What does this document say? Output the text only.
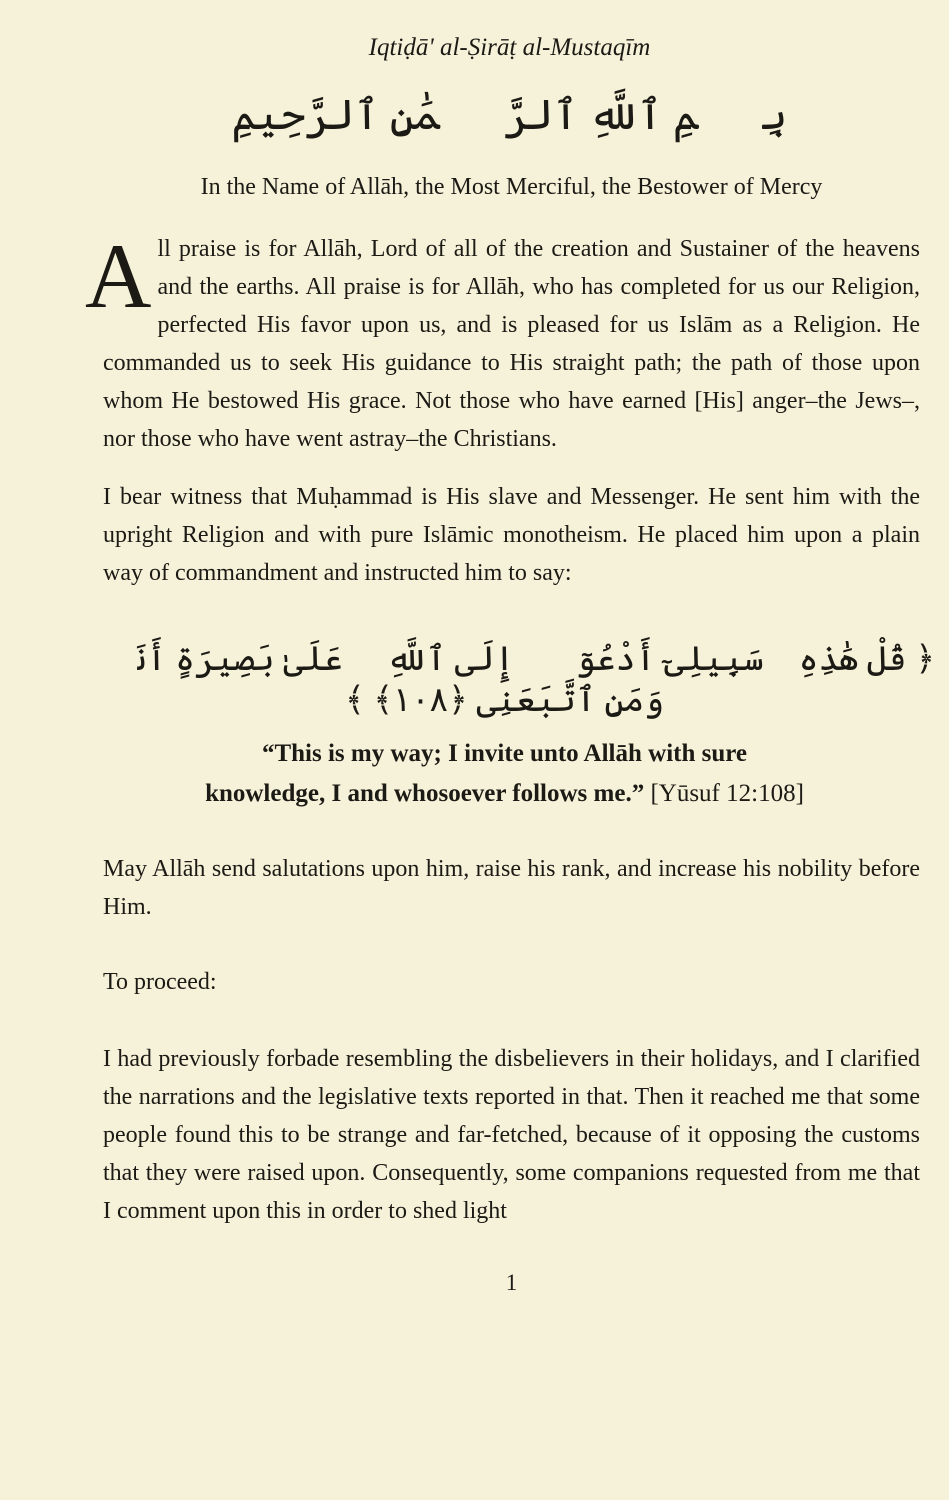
Iqtiḍā' al-Ṣirāṭ al-Mustaqīm
بِسۡمِ ٱللَّهِ ٱلرَّحۡمَٰنِ ٱلرَّحِيمِ
In the Name of Allāh, the Most Merciful, the Bestower of Mercy

All praise is for Allāh, Lord of all of the creation and Sustainer of the heavens and the earths. All praise is for Allāh, who has completed for us our Religion, perfected His favor upon us, and is pleased for us Islām as a Religion. He commanded us to seek His guidance to His straight path; the path of those upon whom He bestowed His grace. Not those who have earned [His] anger–the Jews–, nor those who have went astray–the Christians.

I bear witness that Muḥammad is His slave and Messenger. He sent him with the upright Religion and with pure Islāmic monotheism. He placed him upon a plain way of commandment and instructed him to say:

﴿ قُلْ هَٰذِهِۦ سَبِيلِىٓ أَدْعُوٓا۟ إِلَى ٱللَّهِ ۚ عَلَىٰ بَصِيرَةٍ أَنَا۠ وَمَنِ ٱتَّبَعَنِى ﴿١٠٨﴾ ﴾
“This is my way; I invite unto Allāh with sure
knowledge, I and whosoever follows me.” [Yūsuf 12:108]

May Allāh send salutations upon him, raise his rank, and increase his nobility before Him.

To proceed:

I had previously forbade resembling the disbelievers in their holidays, and I clarified the narrations and the legislative texts reported in that. Then it reached me that some people found this to be strange and far-fetched, because of it opposing the customs that they were raised upon. Consequently, some companions requested from me that I comment upon this in order to shed light

1
